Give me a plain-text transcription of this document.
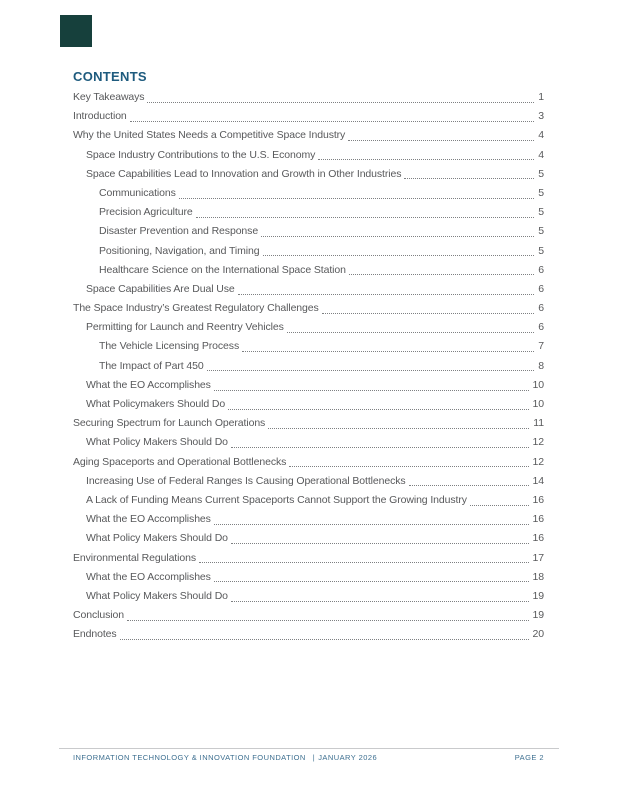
CONTENTS
Key Takeaways	1
Introduction	3
Why the United States Needs a Competitive Space Industry	4
Space Industry Contributions to the U.S. Economy	4
Space Capabilities Lead to Innovation and Growth in Other Industries	5
Communications	5
Precision Agriculture	5
Disaster Prevention and Response	5
Positioning, Navigation, and Timing	5
Healthcare Science on the International Space Station	6
Space Capabilities Are Dual Use	6
The Space Industry’s Greatest Regulatory Challenges	6
Permitting for Launch and Reentry Vehicles	6
The Vehicle Licensing Process	7
The Impact of Part 450	8
What the EO Accomplishes	10
What Policymakers Should Do	10
Securing Spectrum for Launch Operations	11
What Policy Makers Should Do	12
Aging Spaceports and Operational Bottlenecks	12
Increasing Use of Federal Ranges Is Causing Operational Bottlenecks	14
A Lack of Funding Means Current Spaceports Cannot Support the Growing Industry	16
What the EO Accomplishes	16
What Policy Makers Should Do	16
Environmental Regulations	17
What the EO Accomplishes	18
What Policy Makers Should Do	19
Conclusion	19
Endnotes	20
INFORMATION TECHNOLOGY & INNOVATION FOUNDATION | JANUARY 2026	PAGE 2
